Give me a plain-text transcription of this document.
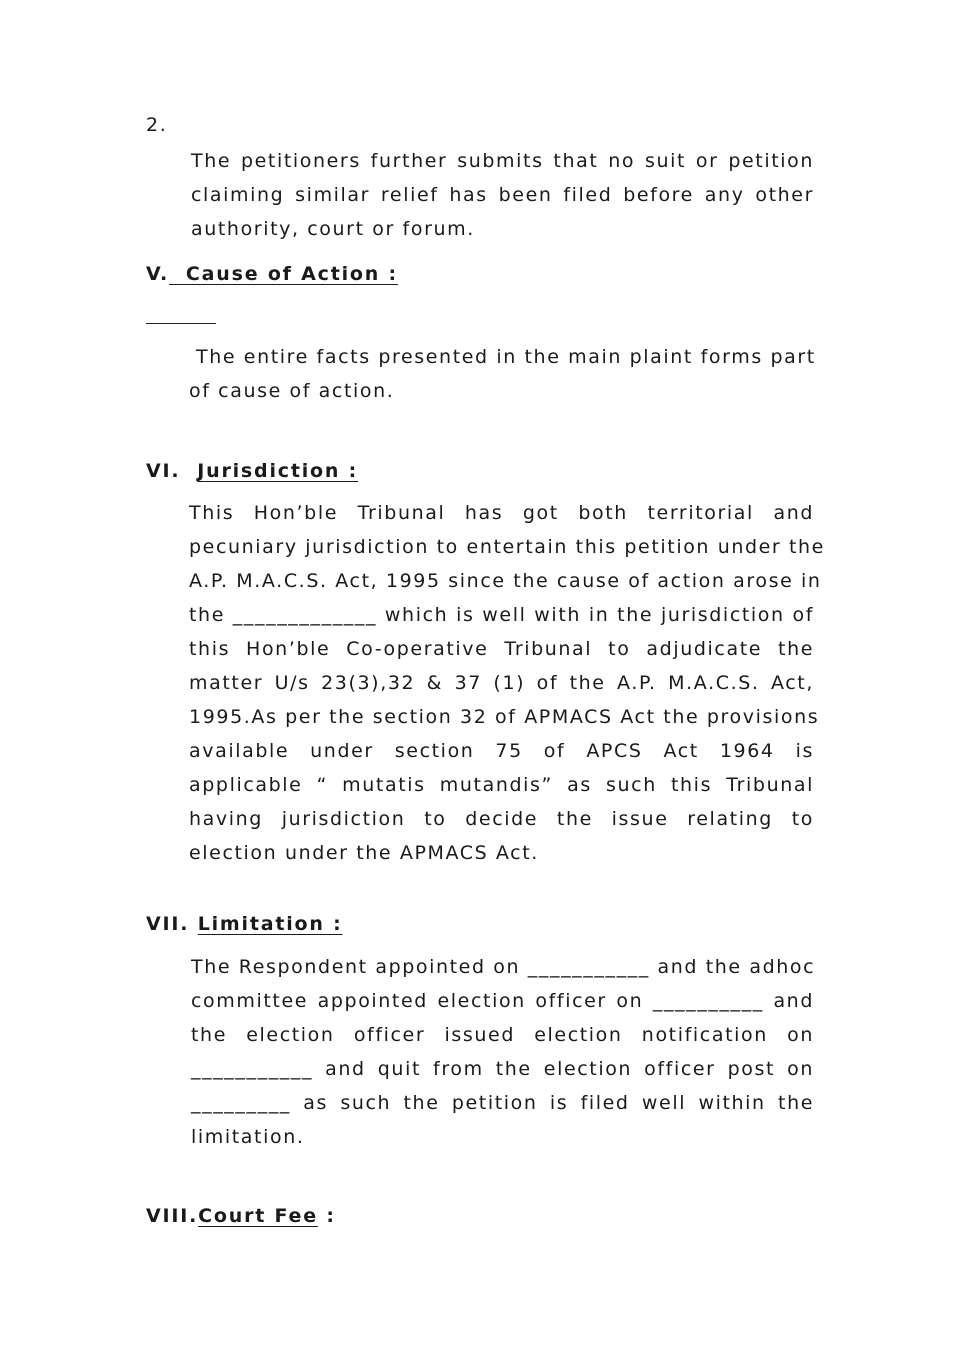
2.
The petitioners further submits that no suit or petition
claiming similar relief has been filed before any other
authority, court or forum.
V. Cause of Action :
The entire facts presented in the main plaint forms part
of cause of action.
VI. Jurisdiction :
This Hon’ble Tribunal has got both territorial and
pecuniary jurisdiction to entertain this petition under the
A.P. M.A.C.S. Act, 1995 since the cause of action arose in
the _____________ which is well with in the jurisdiction of
this Hon’ble Co-operative Tribunal to adjudicate the
matter U/s 23(3),32 & 37 (1) of the A.P. M.A.C.S. Act,
1995.As per the section 32 of APMACS Act the provisions
available under section 75 of APCS Act 1964 is
applicable “ mutatis mutandis” as such this Tribunal
having jurisdiction to decide the issue relating to
election under the APMACS Act.
VII. Limitation :
The Respondent appointed on ___________ and the adhoc
committee appointed election officer on __________ and
the election officer issued election notification on
___________ and quit from the election officer post on
_________ as such the petition is filed well within the
limitation.
VIII.Court Fee :
